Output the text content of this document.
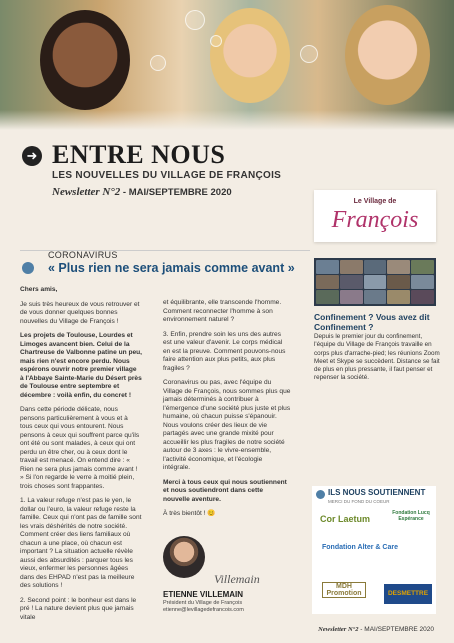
➜ ENTRE NOUS
LES NOUVELLES DU VILLAGE DE FRANÇOIS
Newsletter N°2 - MAI/SEPTEMBRE 2020
Le Village de
François
CORONAVIRUS
« Plus rien ne sera jamais comme avant »

Chers amis,

Je suis très heureux de vous retrouver et de vous donner quelques bonnes nouvelles du Village de François !

Les projets de Toulouse, Lourdes et Limoges avancent bien. Celui de la Chartreuse de Valbonne patine un peu, mais rien n'est encore perdu. Nous espérons ouvrir notre premier village à l'Abbaye Sainte-Marie du Désert près de Toulouse entre septembre et décembre : voilà enfin, du concret !

Dans cette période délicate, nous pensons particulièrement à vous et à tous ceux qui vous entourent. Nous pensons à ceux qui souffrent parce qu'ils ont été ou sont malades, à ceux qui ont perdu un être cher, ou à ceux dont le travail est menacé. On entend dire : « Rien ne sera plus jamais comme avant ! » Si l'on regarde le verre à moitié plein, trois choses sont frappantes.

1. La valeur refuge n'est pas le yen, le dollar ou l'euro, la valeur refuge reste la famille. Ceux qui n'ont pas de famille sont les vrais déshérités de notre société. Comment créer des liens familiaux où chacun a une place, où chacun est important ? La situation actuelle révèle aussi des absurdités : parquer tous les vieux, enfermer les personnes âgées dans des EHPAD n'est pas la meilleure des solutions !

2. Second point : le bonheur est dans le pré ! La nature devient plus que jamais vitale

et équilibrante, elle transcende l'homme. Comment reconnecter l'homme à son environnement naturel ?

3. Enfin, prendre soin les uns des autres est une valeur d'avenir. Le corps médical en est la preuve. Comment pouvons-nous faire attention aux plus petits, aux plus fragiles ?

Coronavirus ou pas, avec l'équipe du Village de François, nous sommes plus que jamais déterminés à contribuer à l'émergence d'une société plus juste et plus humaine, où chacun puisse s'épanouir. Nous voulons créer des lieux de vie partagés avec une grande mixité pour accueillir les plus fragiles de notre société autour de 3 axes : le vivre-ensemble, l'activité économique, et l'écologie intégrale.

Merci à tous ceux qui nous soutiennent et nous soutiendront dans cette nouvelle aventure.

À très bientôt ! 😊

Villemain
ETIENNE VILLEMAIN
Président du Village de François
etienne@levillagedefrancois.com
Confinement ? Vous avez dit Confinement ?
Depuis le premier jour du confinement, l'équipe du Village de François travaille en corps plus d'arrache-pied; les réunions Zoom Meet et Skype se succèdent. Distance se fait de plus en plus pressante, il faut penser et repenser la société.
ILS NOUS SOUTIENNENT
MERCI DU FOND DU COEUR
Cor Laetum
Fondation Lucq Espérance
Fondation Alter & Care
MDH Promotion	DESMETTRE
Newsletter N°2 - MAI/SEPTEMBRE 2020
